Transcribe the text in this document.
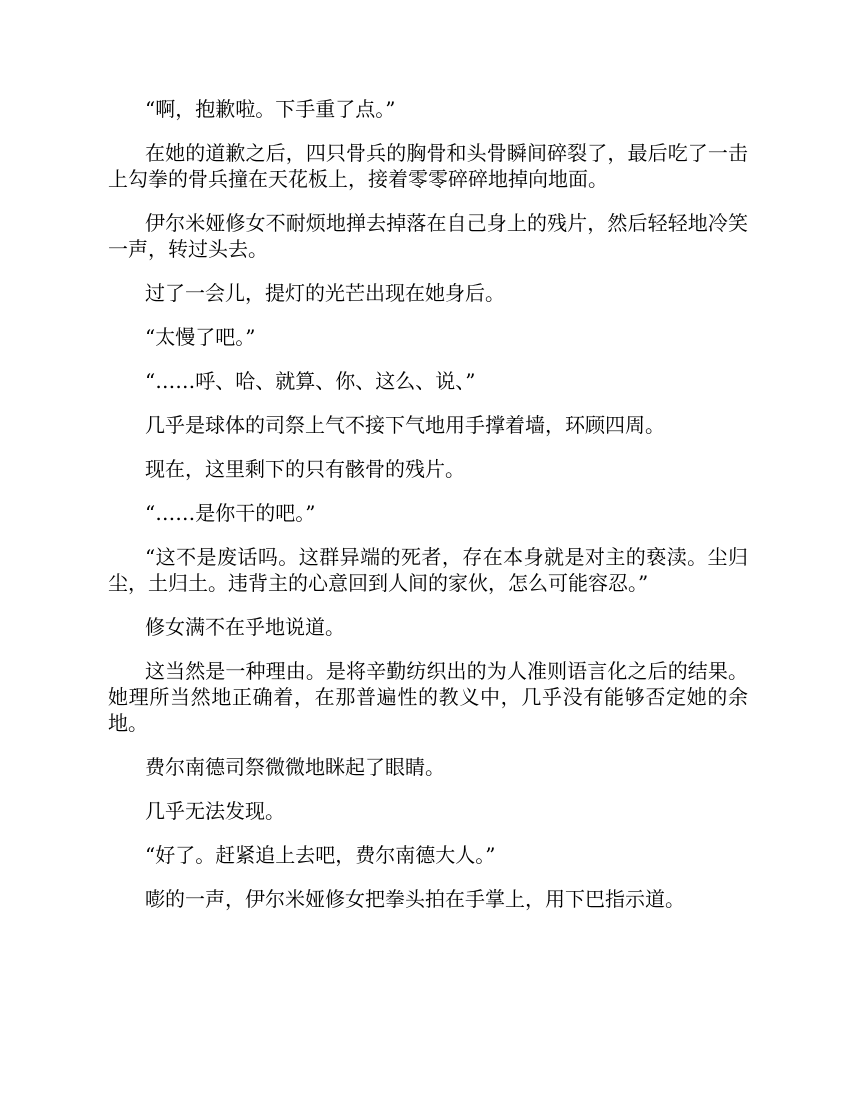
“啊，抱歉啦。下手重了点。”

在她的道歉之后，四只骨兵的胸骨和头骨瞬间碎裂了，最后吃了一击上勾拳的骨兵撞在天花板上，接着零零碎碎地掉向地面。

伊尔米娅修女不耐烦地掸去掉落在自己身上的残片，然后轻轻地冷笑一声，转过头去。

过了一会儿，提灯的光芒出现在她身后。

“太慢了吧。”

“……呼、哈、就算、你、这么、说、”

几乎是球体的司祭上气不接下气地用手撑着墙，环顾四周。

现在，这里剩下的只有骸骨的残片。

“……是你干的吧。”

“这不是废话吗。这群异端的死者，存在本身就是对主的亵渎。尘归尘，土归土。违背主的心意回到人间的家伙，怎么可能容忍。”

修女满不在乎地说道。

这当然是一种理由。是将辛勤纺织出的为人准则语言化之后的结果。她理所当然地正确着，在那普遍性的教义中，几乎没有能够否定她的余地。

费尔南德司祭微微地眯起了眼睛。

几乎无法发现。

“好了。赶紧追上去吧，费尔南德大人。”

嘭的一声，伊尔米娅修女把拳头拍在手掌上，用下巴指示道。
